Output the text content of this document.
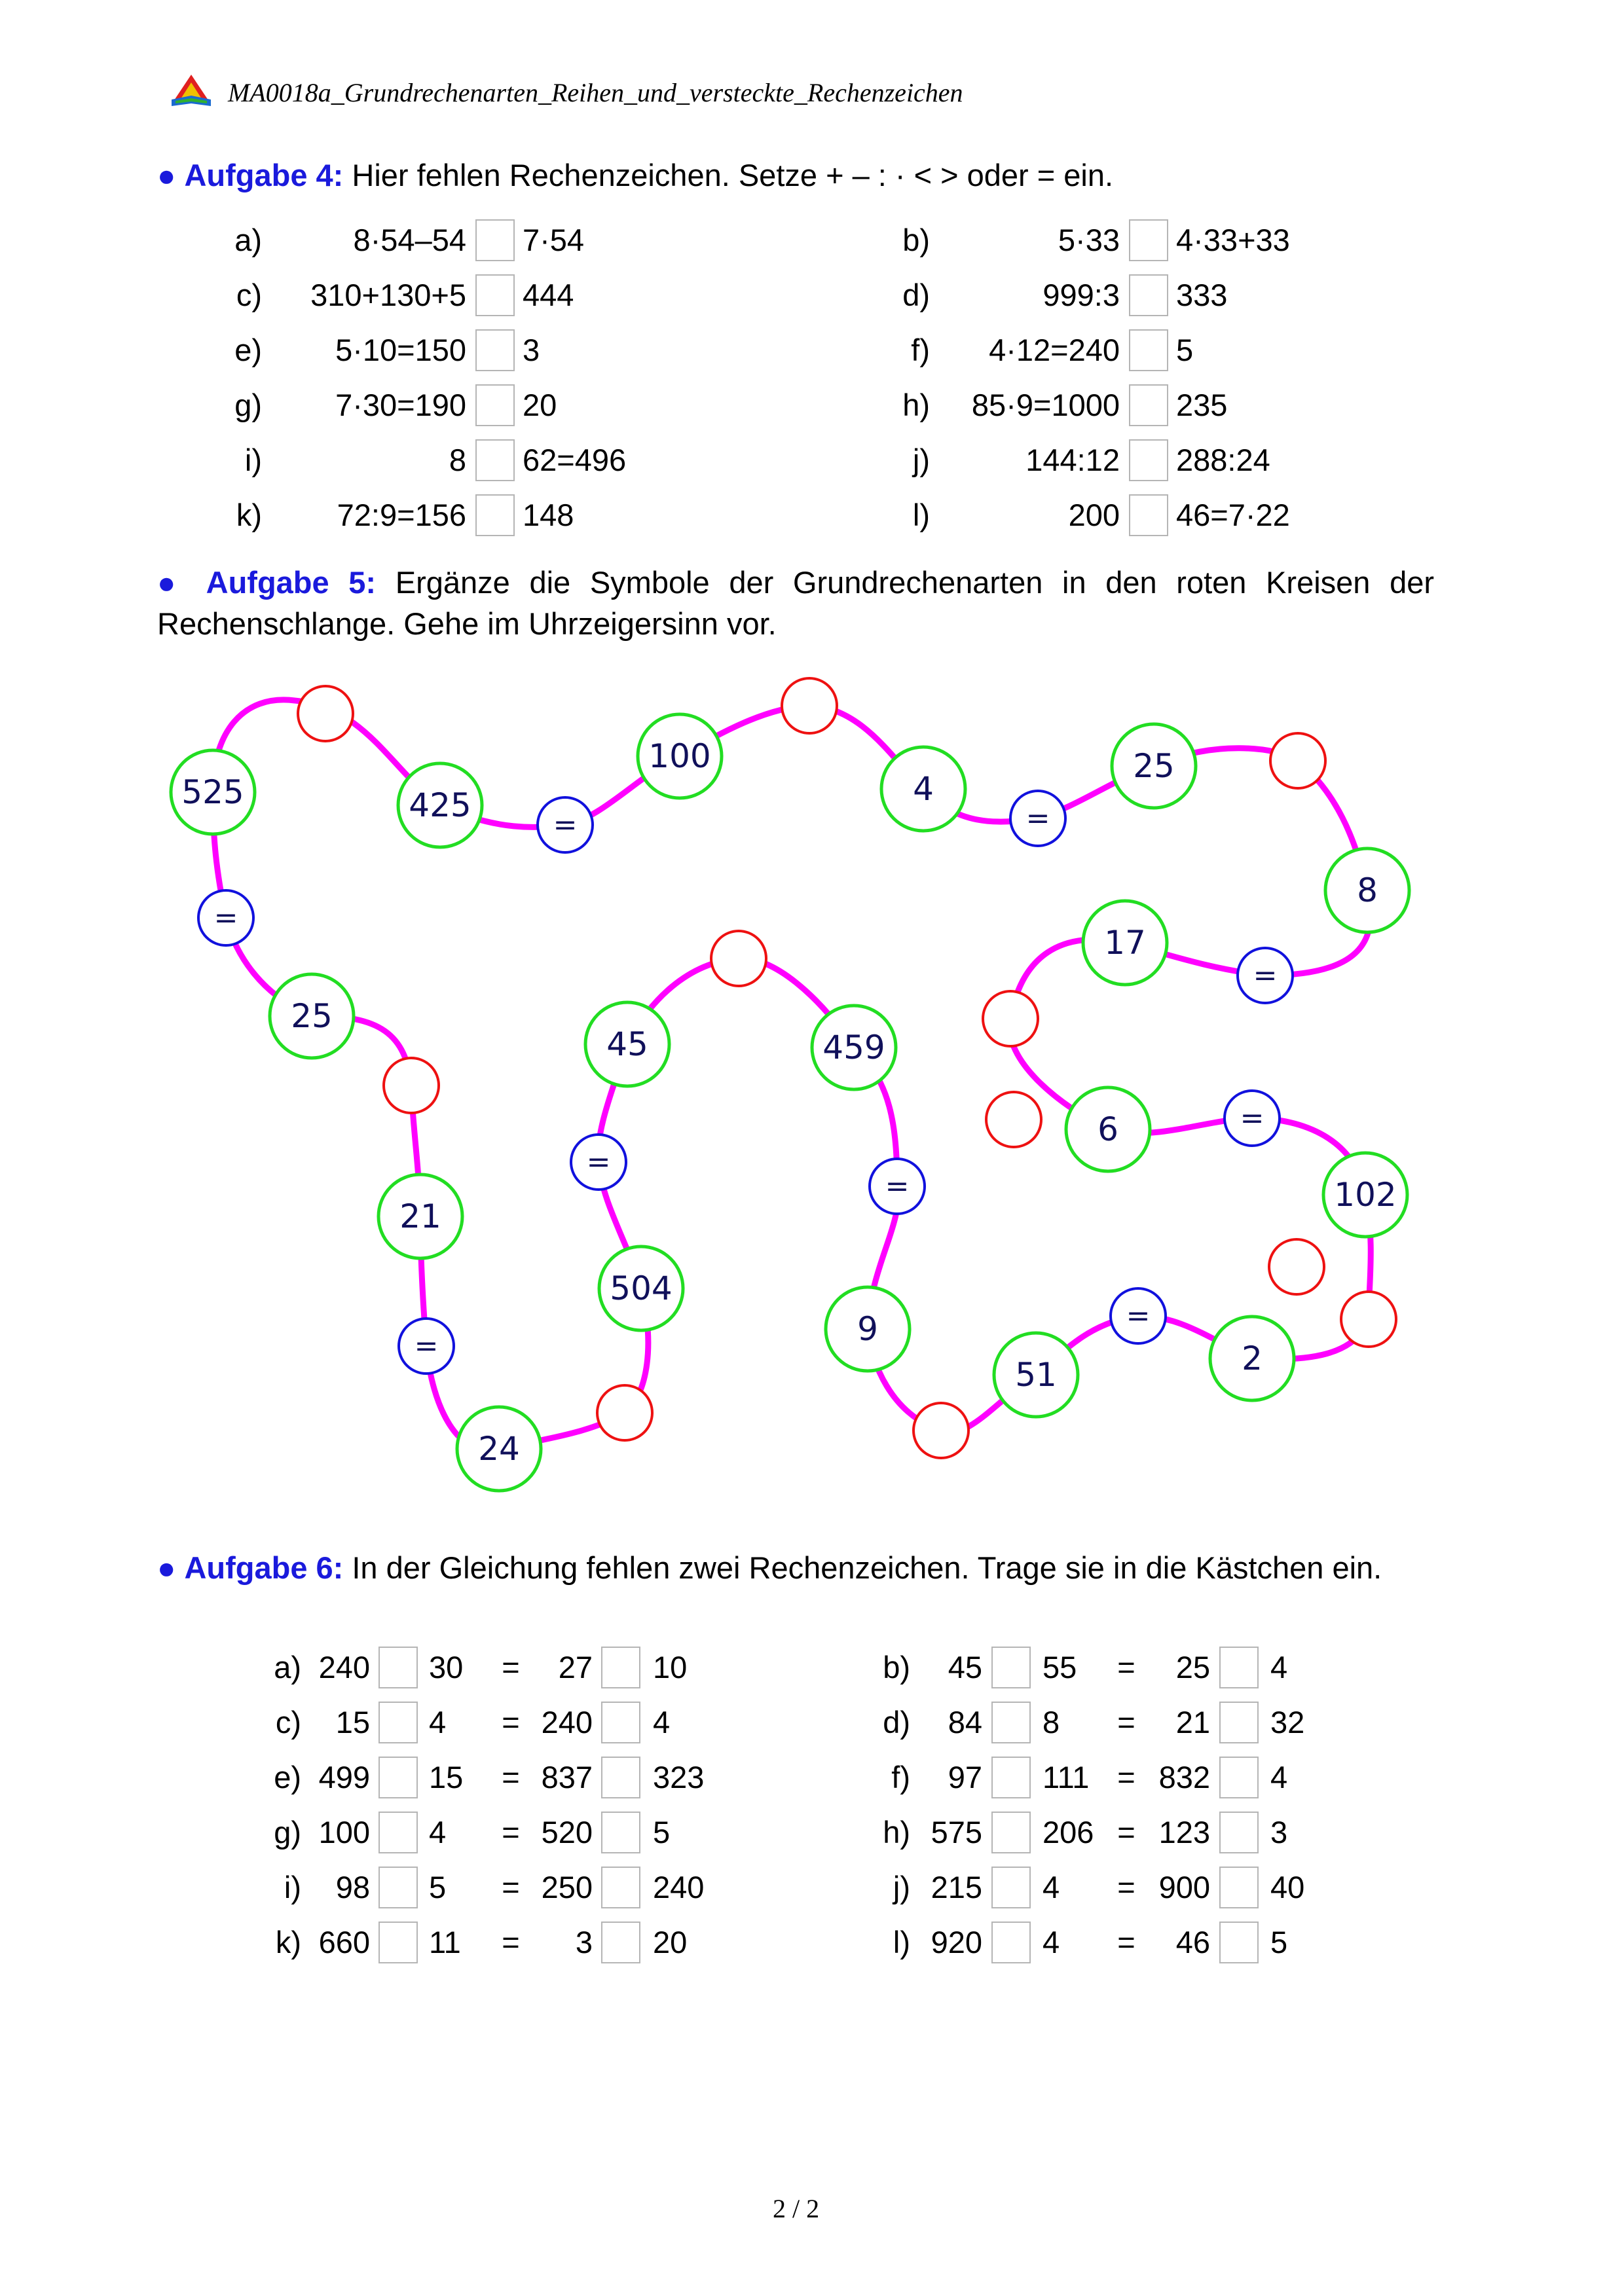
MA0018a_Grundrechenarten_Reihen_und_versteckte_Rechenzeichen
● Aufgabe 4: Hier fehlen Rechenzeichen. Setze + – : · < > oder = ein.
a)	8·54–54 7·54	b)	5·33 4·33+33
c)	310+130+5 444	d)	999:3 333
e)	5·10=150 3	f)	4·12=240 5
g)	7·30=190 20	h)	85·9=1000 235
i)	8 62=496	j)	144:12 288:24
k)	72:9=156 148	l)	200 46=7·22
● Aufgabe 5: Ergänze die Symbole der Grundrechenarten in den roten Kreisen der Rechenschlange. Gehe im Uhrzeigersinn vor.
=	=
=
=
=
=
=
=
=
525	425
100
4
25
8
17
6
102
2
51
9
459
45
504
24
21
25
● Aufgabe 6: In der Gleichung fehlen zwei Rechenzeichen. Trage sie in die Kästchen ein.
a) 240 30 =	27 10	b)	45 55 =	25 4
c)	15 4 = 240 4	d)	84 8 =	21 32
e) 499 15 = 837 323	f)	97 111 = 832 4
g) 100 4 = 520 5	h) 575 206 = 123 3
i)	98 5 = 250 240	j) 215 4 = 900 40
k) 660 11 =	3 20	l) 920 4 =	46 5
2 / 2
